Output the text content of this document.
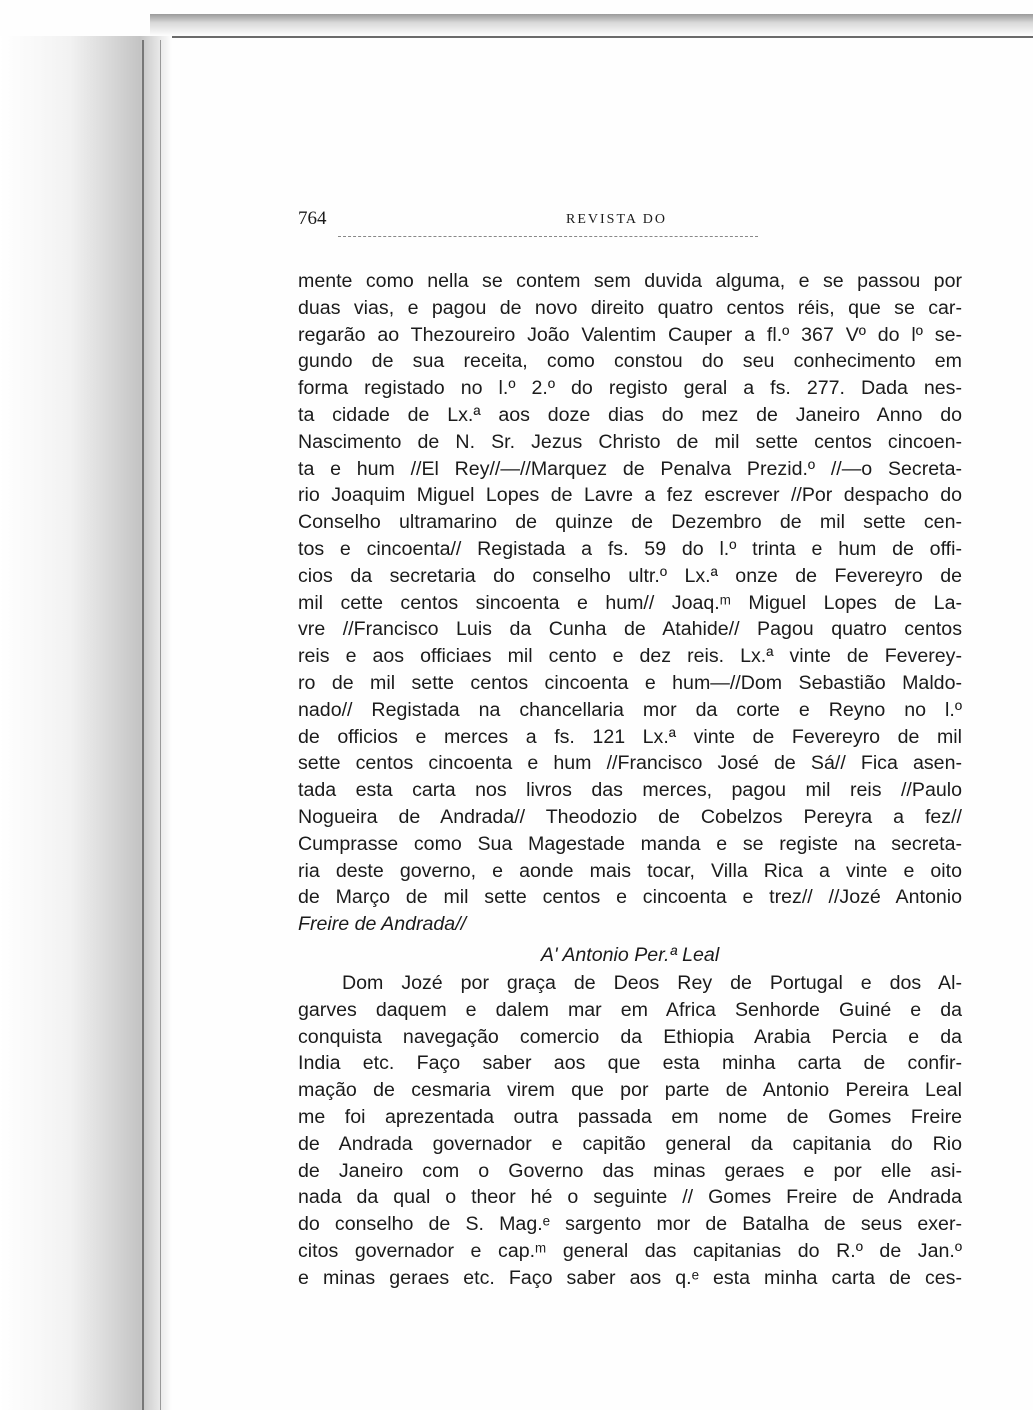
764	REVISTA DO

mente como nella se contem sem duvida alguma, e se passou por

duas vias, e pagou de novo direito quatro centos réis, que se car-

regarão ao Thezoureiro João Valentim Cauper a fl.º 367 Vº do lº se-

gundo de sua receita, como constou do seu conhecimento em

forma registado no l.º 2.º do registo geral a fs. 277. Dada nes-

ta cidade de Lx.ª aos doze dias do mez de Janeiro Anno do

Nascimento de N. Sr. Jezus Christo de mil sette centos cincoen-

ta e hum //El Rey//—//Marquez de Penalva Prezid.º //—o Secreta-

rio Joaquim Miguel Lopes de Lavre a fez escrever //Por despacho do

Conselho ultramarino de quinze de Dezembro de mil sette cen-

tos e cincoenta// Registada a fs. 59 do l.º trinta e hum de offi-

cios da secretaria do conselho ultr.º Lx.ª onze de Fevereyro de

mil cette centos sincoenta e hum// Joaq.ᵐ Miguel Lopes de La-

vre //Francisco Luis da Cunha de Atahide// Pagou quatro centos

reis e aos officiaes mil cento e dez reis. Lx.ª vinte de Feverey-

ro de mil sette centos cincoenta e hum—//Dom Sebastião Maldo-

nado// Registada na chancellaria mor da corte e Reyno no l.º

de officios e merces a fs. 121 Lx.ª vinte de Fevereyro de mil

sette centos cincoenta e hum //Francisco José de Sá// Fica asen-

tada esta carta nos livros das merces, pagou mil reis //Paulo

Nogueira de Andrada// Theodozio de Cobelzos Pereyra a fez//

Cumprasse como Sua Magestade manda e se registe na secreta-

ria deste governo, e aonde mais tocar, Villa Rica a vinte e oito

de Março de mil sette centos e cincoenta e trez// //Jozé Antonio

Freire de Andrada//

A' Antonio Per.ª Leal

Dom Jozé por graça de Deos Rey de Portugal e dos Al-

garves daquem e dalem mar em Africa Senhorde Guiné e da

conquista navegação comercio da Ethiopia Arabia Percia e da

India etc. Faço saber aos que esta minha carta de confir-

mação de cesmaria virem que por parte de Antonio Pereira Leal

me foi aprezentada outra passada em nome de Gomes Freire

de Andrada governador e capitão general da capitania do Rio

de Janeiro com o Governo das minas geraes e por elle asi-

nada da qual o theor hé o seguinte // Gomes Freire de Andrada

do conselho de S. Mag.ᵉ sargento mor de Batalha de seus exer-

citos governador e cap.ᵐ general das capitanias do R.º de Jan.º

e minas geraes etc. Faço saber aos q.ᵉ esta minha carta de ces-
